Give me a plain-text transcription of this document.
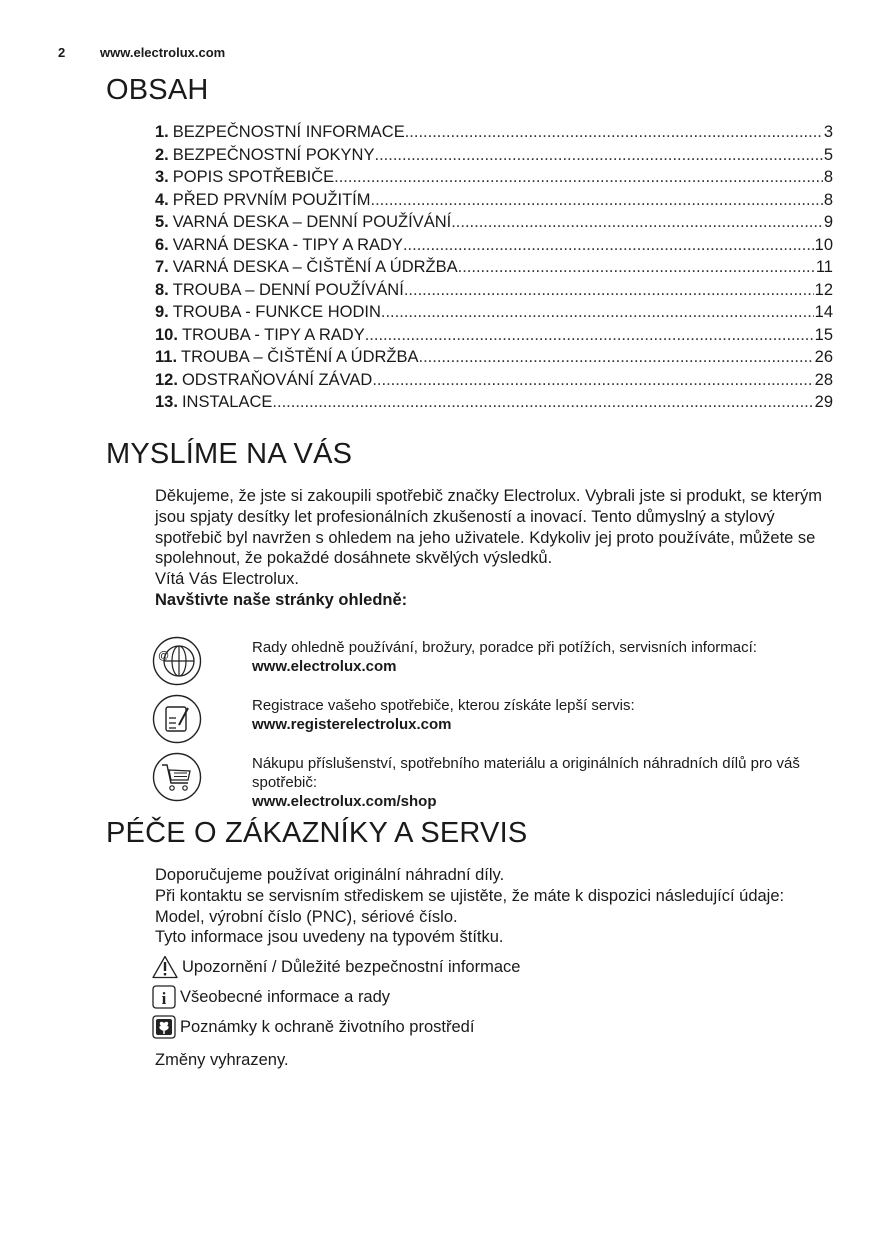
2	www.electrolux.com
OBSAH
1. BEZPEČNOSTNÍ INFORMACE .....	3
2. BEZPEČNOSTNÍ POKYNY .....	5
3. POPIS SPOTŘEBIČE .....	8
4. PŘED PRVNÍM POUŽITÍM .....	8
5. VARNÁ DESKA – DENNÍ POUŽÍVÁNÍ .....	9
6. VARNÁ DESKA - TIPY A RADY .....	10
7. VARNÁ DESKA – ČIŠTĚNÍ A ÚDRŽBA .....	11
8. TROUBA – DENNÍ POUŽÍVÁNÍ .....	12
9. TROUBA - FUNKCE HODIN .....	14
10. TROUBA - TIPY A RADY .....	15
11. TROUBA – ČIŠTĚNÍ A ÚDRŽBA .....	26
12. ODSTRAŇOVÁNÍ ZÁVAD .....	28
13. INSTALACE .....	29
MYSLÍME NA VÁS
Děkujeme, že jste si zakoupili spotřebič značky Electrolux. Vybrali jste si produkt, se kterým jsou spjaty desítky let profesionálních zkušeností a inovací. Tento důmyslný a stylový spotřebič byl navržen s ohledem na jeho uživatele. Kdykoliv jej proto používáte, můžete se spolehnout, že pokaždé dosáhnete skvělých výsledků.
Vítá Vás Electrolux.
Navštivte naše stránky ohledně:
@	Rady ohledně používání, brožury, poradce při potížích, servisních informací:
www.electrolux.com
Registrace vašeho spotřebiče, kterou získáte lepší servis:
www.registerelectrolux.com
Nákupu příslušenství, spotřebního materiálu a originálních náhradních dílů pro váš spotřebič:
www.electrolux.com/shop
PÉČE O ZÁKAZNÍKY A SERVIS
Doporučujeme používat originální náhradní díly.
Při kontaktu se servisním střediskem se ujistěte, že máte k dispozici následující údaje: Model, výrobní číslo (PNC), sériové číslo.
Tyto informace jsou uvedeny na typovém štítku.
Upozornění / Důležité bezpečnostní informace
i Všeobecné informace a rady
Poznámky k ochraně životního prostředí
Změny vyhrazeny.
